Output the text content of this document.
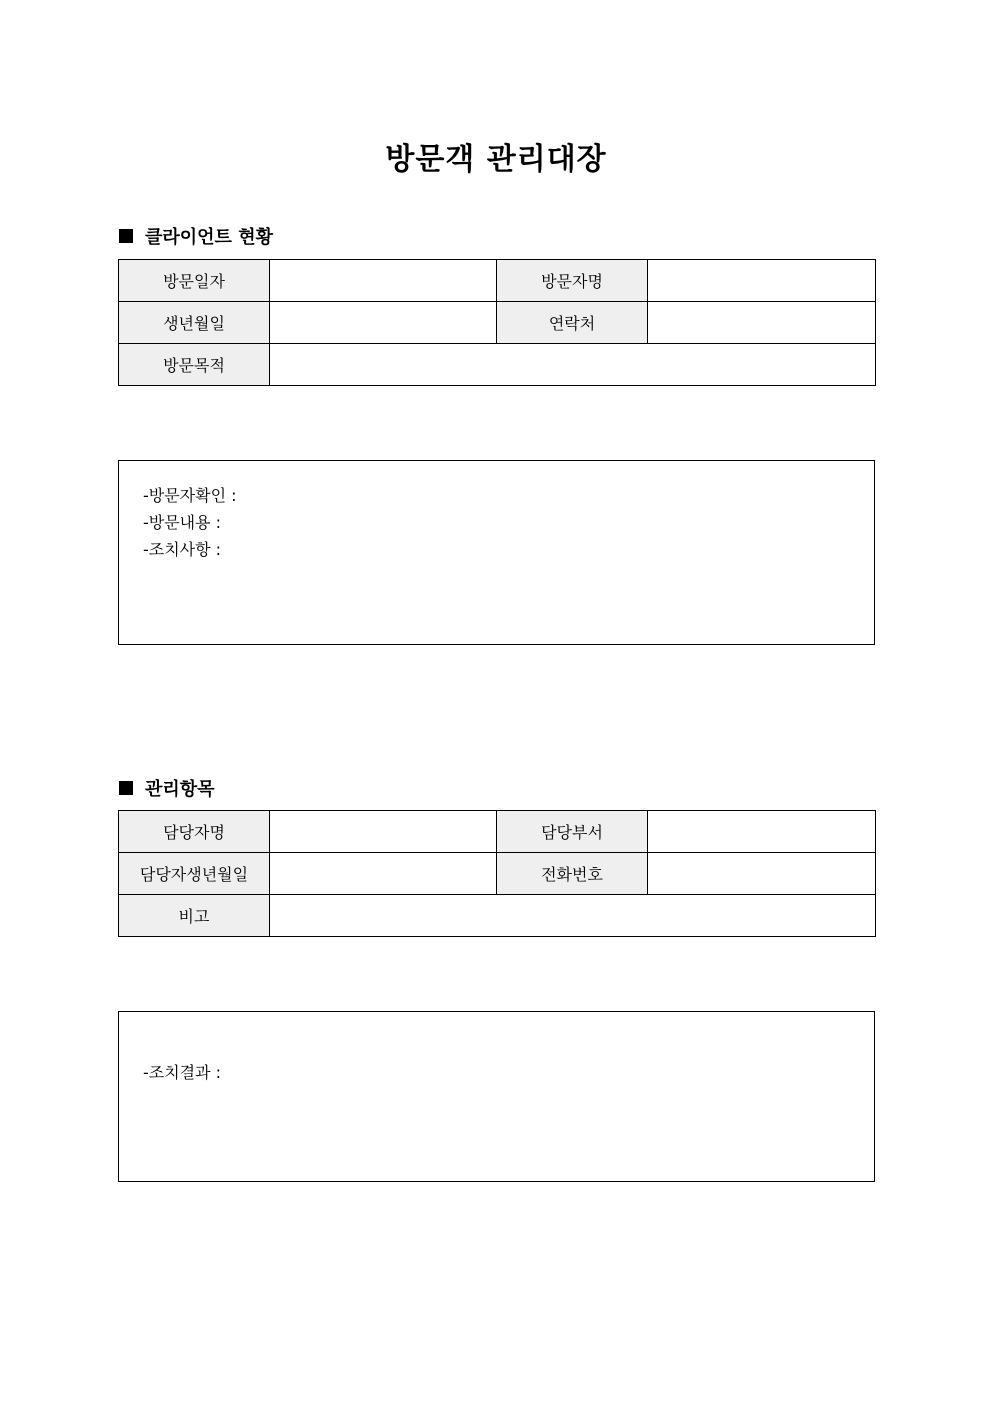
방문객 관리대장
클라이언트 현황
방문일자		방문자명	
생년월일		연락처	
방문목적			
-방문자확인 :
-방문내용 :
-조치사항 :
관리항목
담당자명		담당부서	
담당자생년월일		전화번호	
비고			
-조치결과 :
